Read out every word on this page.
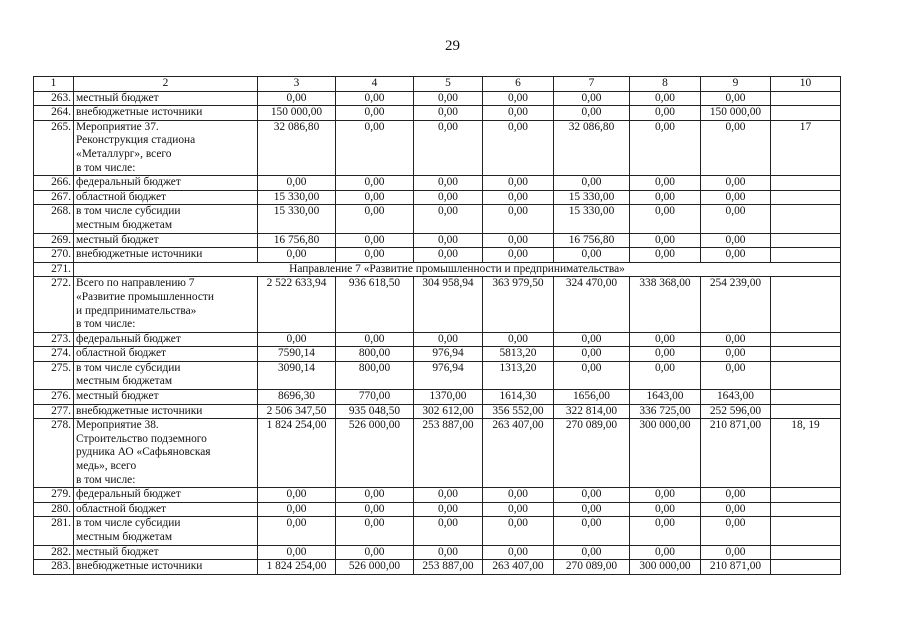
29
1	2	3	4	5	6	7	8	9	10
263.	местный бюджет	0,00	0,00	0,00	0,00	0,00	0,00	0,00	
264.	внебюджетные источники	150 000,00	0,00	0,00	0,00	0,00	0,00	150 000,00	
265.	Мероприятие 37.
Реконструкция стадиона
«Металлург», всего
в том числе:	32 086,80	0,00	0,00	0,00	32 086,80	0,00	0,00	17
266.	федеральный бюджет	0,00	0,00	0,00	0,00	0,00	0,00	0,00	
267.	областной бюджет	15 330,00	0,00	0,00	0,00	15 330,00	0,00	0,00	
268.	в том числе субсидии
местным бюджетам	15 330,00	0,00	0,00	0,00	15 330,00	0,00	0,00	
269.	местный бюджет	16 756,80	0,00	0,00	0,00	16 756,80	0,00	0,00	
270.	внебюджетные источники	0,00	0,00	0,00	0,00	0,00	0,00	0,00	
271.	Направление 7 «Развитие промышленности и предпринимательства»								
272.	Всего по направлению 7
«Развитие промышленности
и предпринимательства»
в том числе:	2 522 633,94	936 618,50	304 958,94	363 979,50	324 470,00	338 368,00	254 239,00	
273.	федеральный бюджет	0,00	0,00	0,00	0,00	0,00	0,00	0,00	
274.	областной бюджет	7590,14	800,00	976,94	5813,20	0,00	0,00	0,00	
275.	в том числе субсидии
местным бюджетам	3090,14	800,00	976,94	1313,20	0,00	0,00	0,00	
276.	местный бюджет	8696,30	770,00	1370,00	1614,30	1656,00	1643,00	1643,00	
277.	внебюджетные источники	2 506 347,50	935 048,50	302 612,00	356 552,00	322 814,00	336 725,00	252 596,00	
278.	Мероприятие 38.
Строительство подземного
рудника АО «Сафьяновская
медь», всего
в том числе:	1 824 254,00	526 000,00	253 887,00	263 407,00	270 089,00	300 000,00	210 871,00	18, 19
279.	федеральный бюджет	0,00	0,00	0,00	0,00	0,00	0,00	0,00	
280.	областной бюджет	0,00	0,00	0,00	0,00	0,00	0,00	0,00	
281.	в том числе субсидии
местным бюджетам	0,00	0,00	0,00	0,00	0,00	0,00	0,00	
282.	местный бюджет	0,00	0,00	0,00	0,00	0,00	0,00	0,00	
283.	внебюджетные источники	1 824 254,00	526 000,00	253 887,00	263 407,00	270 089,00	300 000,00	210 871,00	
